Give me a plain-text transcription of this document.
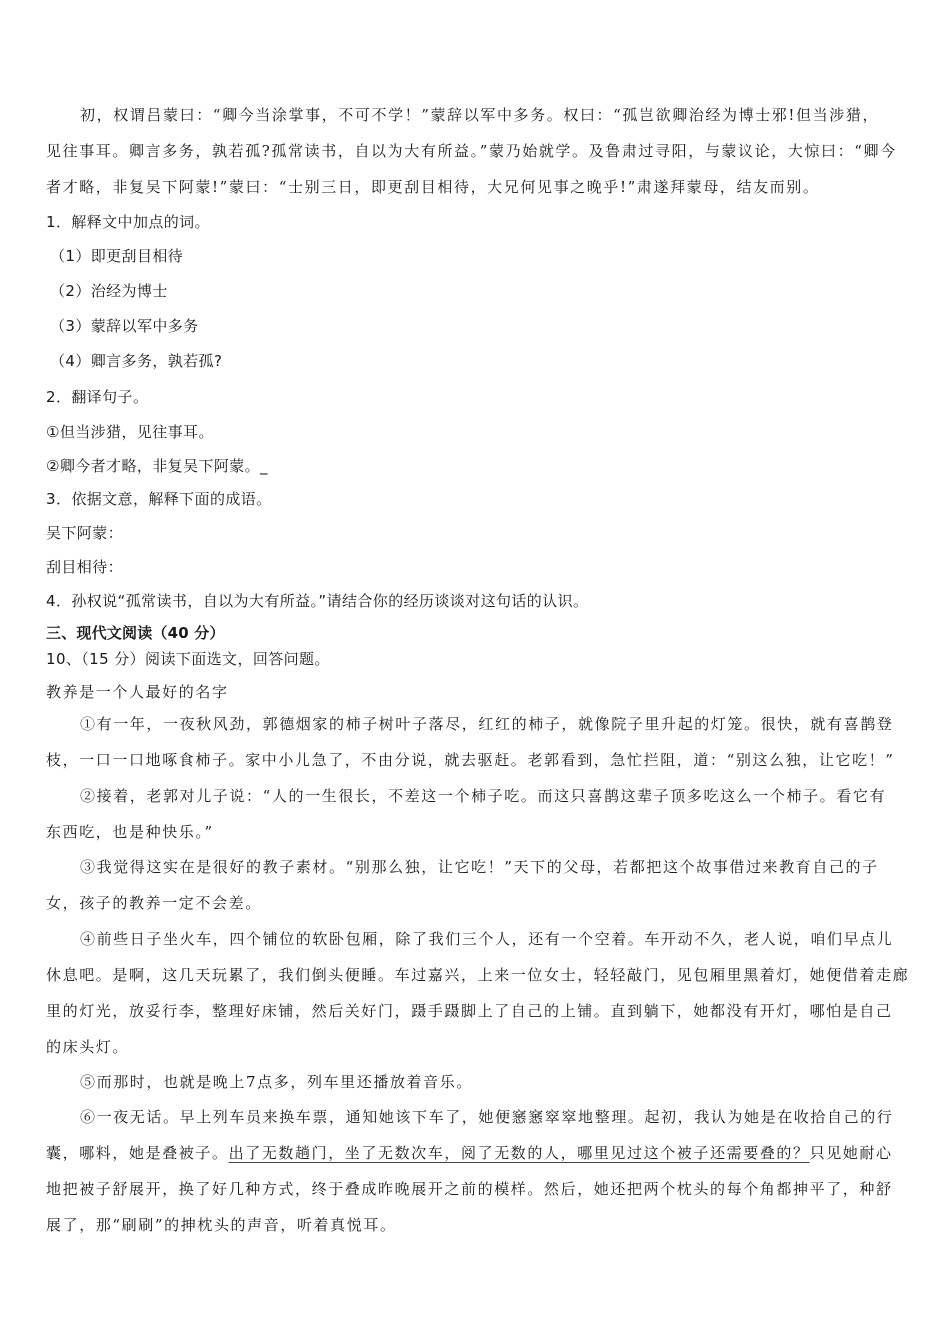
初，权谓吕蒙曰：“卿今当涂掌事，不可不学！”蒙辞以军中多务。权曰：“孤岂欲卿治经为博士邪!但当涉猎，
见往事耳。卿言多务，孰若孤?孤常读书，自以为大有所益。”蒙乃始就学。及鲁肃过寻阳，与蒙议论，大惊曰：“卿今
者才略，非复吴下阿蒙!”蒙曰：“士别三日，即更刮目相待，大兄何见事之晚乎!”肃遂拜蒙母，结友而别。
1．解释文中加点的词。
（1）即更刮目相待
（2）治经为博士
（3）蒙辞以军中多务
（4）卿言多务，孰若孤?
2．翻译句子。
①但当涉猎，见往事耳。
②卿今者才略，非复吴下阿蒙。_
3．依据文意，解释下面的成语。
吴下阿蒙：
刮目相待：
4．孙权说“孤常读书，自以为大有所益。”请结合你的经历谈谈对这句话的认识。
三、现代文阅读（40 分）
10、（15 分）阅读下面选文，回答问题。
教养是一个人最好的名字
①有一年，一夜秋风劲，郭德烟家的柿子树叶子落尽，红红的柿子，就像院子里升起的灯笼。很快，就有喜鹊登
枝，一口一口地啄食柿子。家中小儿急了，不由分说，就去驱赶。老郭看到，急忙拦阻，道：“别这么独，让它吃！”
②接着，老郭对儿子说：“人的一生很长，不差这一个柿子吃。而这只喜鹊这辈子顶多吃这么一个柿子。看它有
东西吃，也是种快乐。”
③我觉得这实在是很好的教子素材。“别那么独，让它吃！”天下的父母，若都把这个故事借过来教育自己的子
女，孩子的教养一定不会差。
④前些日子坐火车，四个铺位的软卧包厢，除了我们三个人，还有一个空着。车开动不久，老人说，咱们早点儿
休息吧。是啊，这几天玩累了，我们倒头便睡。车过嘉兴，上来一位女士，轻轻敲门，见包厢里黑着灯，她便借着走廊
里的灯光，放妥行李，整理好床铺，然后关好门，蹑手蹑脚上了自己的上铺。直到躺下，她都没有开灯，哪怕是自己
的床头灯。
⑤而那时，也就是晚上7点多，列车里还播放着音乐。
⑥一夜无话。早上列车员来换车票，通知她该下车了，她便窸窸窣窣地整理。起初，我认为她是在收拾自己的行
囊，哪料，她是叠被子。出了无数趟门，坐了无数次车，阅了无数的人，哪里见过这个被子还需要叠的？只见她耐心
地把被子舒展开，换了好几种方式，终于叠成昨晚展开之前的模样。然后，她还把两个枕头的每个角都抻平了，种舒
展了，那“刷刷”的抻枕头的声音，听着真悦耳。
